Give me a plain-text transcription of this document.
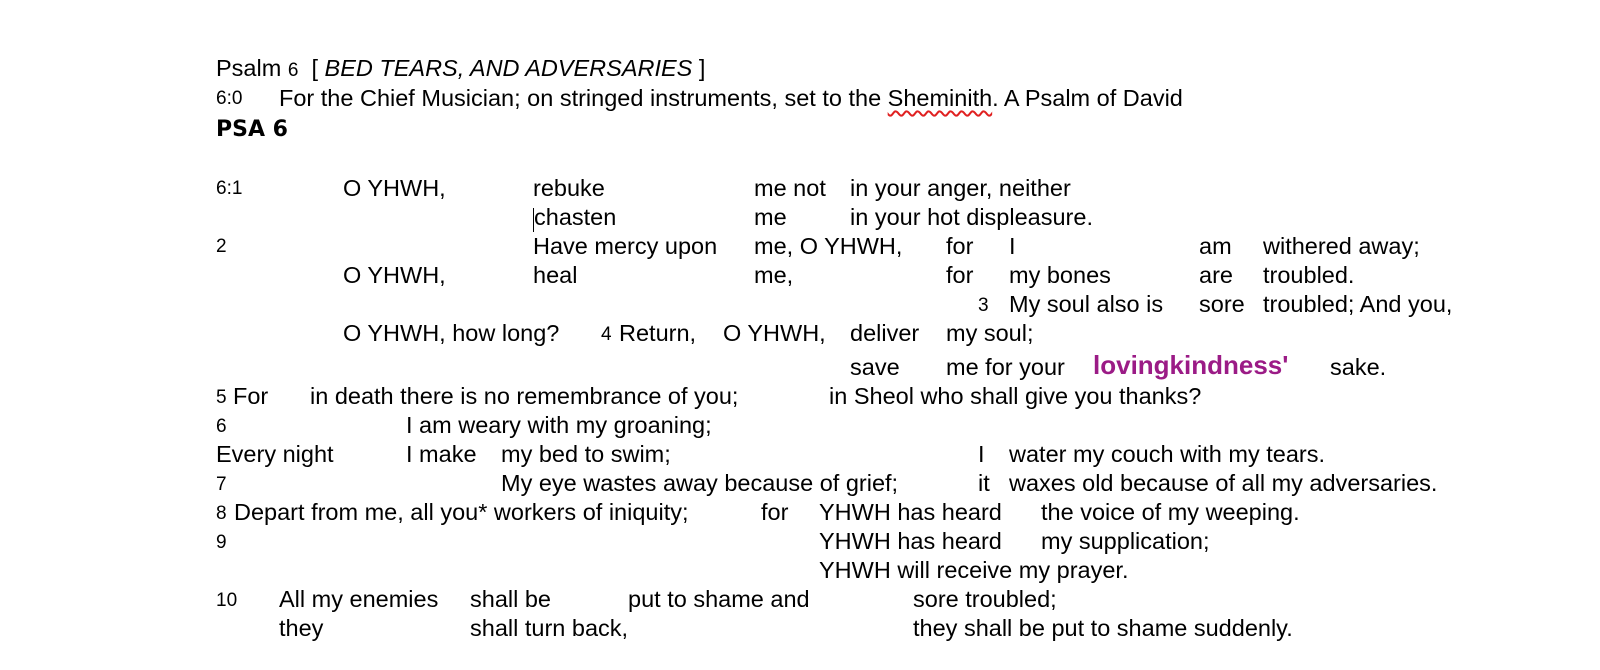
Psalm 6 [ BED TEARS, AND ADVERSARIES ]
6:0 For the Chief Musician; on stringed instruments, set to the Sheminith. A Psalm of David
PSA 6
6:1	O YHWH,	rebuke	me not in your anger, neither
chasten	me	in your hot displeasure.
2	Have mercy upon me, O YHWH, for I	am withered away;
O YHWH,	heal	me,	for my bones	are troubled.
3 My soul also is sore troubled; And you,
O YHWH, how long? 4 Return, O YHWH, deliver my soul;
save me for your lovingkindness' sake.
5 For in death there is no remembrance of you;	in Sheol who shall give you thanks?
6	I am weary with my groaning;
Every night	I make my bed to swim;	I water my couch with my tears.
7	My eye wastes away because of grief;	it waxes old because of all my adversaries.
8 Depart from me, all you* workers of iniquity;	for YHWH has heard the voice of my weeping.
9	YHWH has heard my supplication;
YHWH will receive my prayer.
10 All my enemies shall be	put to shame and	sore troubled;
they	shall turn back,	they shall be put to shame suddenly.
